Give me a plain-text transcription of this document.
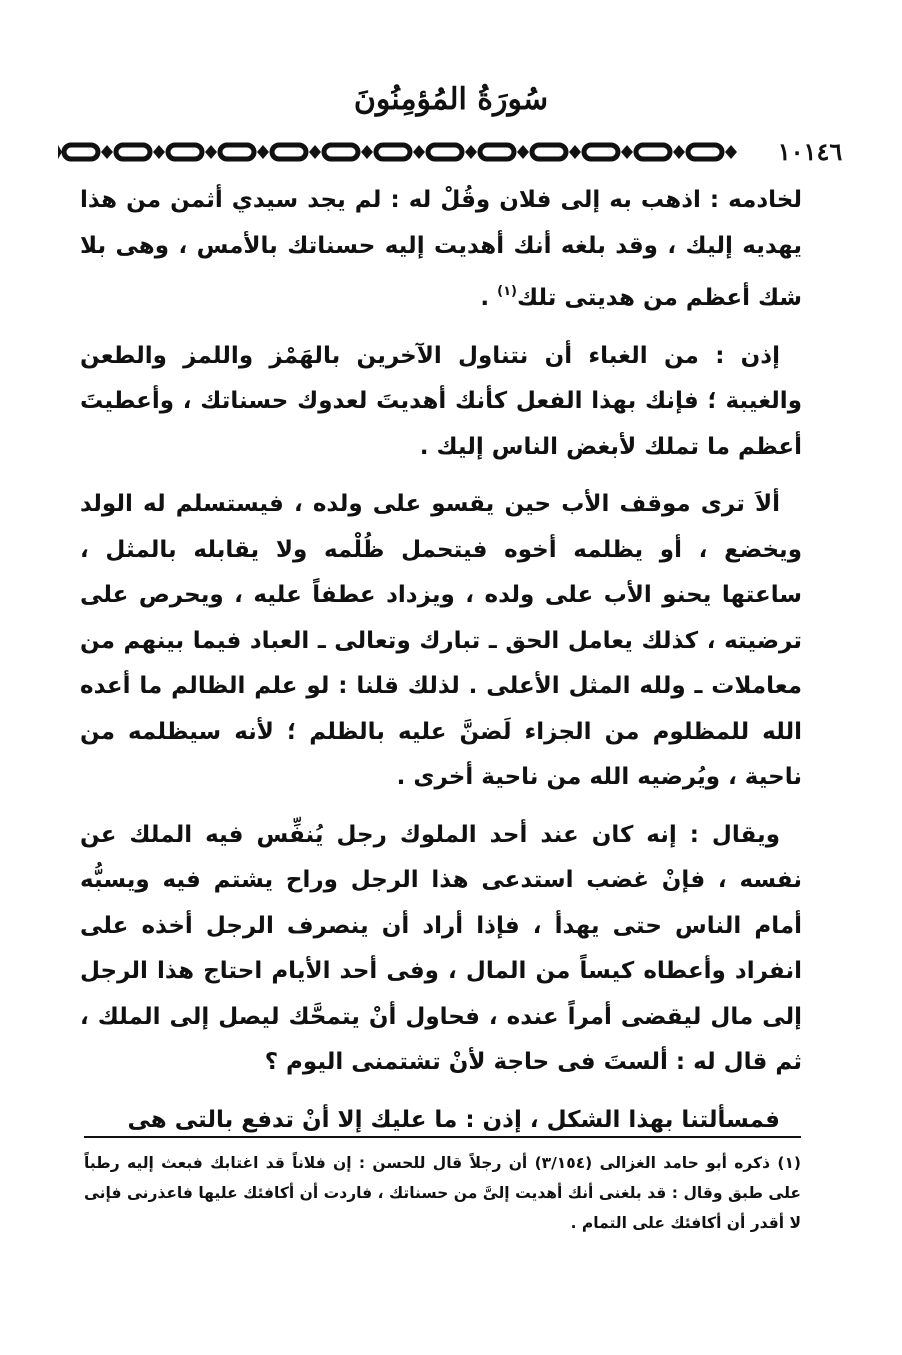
سُورَةُ المُؤمِنُونَ
١٠١٤٦

لخادمه : اذهب به إلى فلان وقُلْ له : لم يجد سيدي أثمن من هذا يهديه إليك ، وقد بلغه أنك أهديت إليه حسناتك بالأمس ، وهى بلا شك أعظم من هديتى تلك$^{(١)}$ .

إذن : من الغباء أن نتناول الآخرين بالهَمْز واللمز والطعن والغيبة ؛ فإنك بهذا الفعل كأنك أهديتَ لعدوك حسناتك ، وأعطيتَ أعظم ما تملك لأبغض الناس إليك .

ألاَ ترى موقف الأب حين يقسو على ولده ، فيستسلم له الولد ويخضع ، أو يظلمه أخوه فيتحمل ظُلْمه ولا يقابله بالمثل ، ساعتها يحنو الأب على ولده ، ويزداد عطفاً عليه ، ويحرص على ترضيته ، كذلك يعامل الحق ـ تبارك وتعالى ـ العباد فيما بينهم من معاملات ـ ولله المثل الأعلى . لذلك قلنا : لو علم الظالم ما أعده الله للمظلوم من الجزاء لَضنَّ عليه بالظلم ؛ لأنه سيظلمه من ناحية ، ويُرضيه الله من ناحية أخرى .

ويقال : إنه كان عند أحد الملوك رجل يُنفِّس فيه الملك عن نفسه ، فإنْ غضب استدعى هذا الرجل وراح يشتم فيه ويسبُّه أمام الناس حتى يهدأ ، فإذا أراد أن ينصرف الرجل أخذه على انفراد وأعطاه كيساً من المال ، وفى أحد الأيام احتاج هذا الرجل إلى مال ليقضى أمراً عنده ، فحاول أنْ يتمحَّك ليصل إلى الملك ، ثم قال له : ألستَ فى حاجة لأنْ تشتمنى اليوم ؟

فمسألتنا بهذا الشكل ، إذن : ما عليك إلا أنْ تدفع بالتى هى

(١) ذكره أبو حامد الغزالى (٣/١٥٤) أن رجلاً قال للحسن : إن فلاناً قد اغتابك فبعث إليه رطباً على طبق وقال : قد بلغنى أنك أهديت إلىَّ من حسناتك ، فاردت أن أكافئك عليها فاعذرنى فإنى لا أقدر أن أكافئك على التمام .
